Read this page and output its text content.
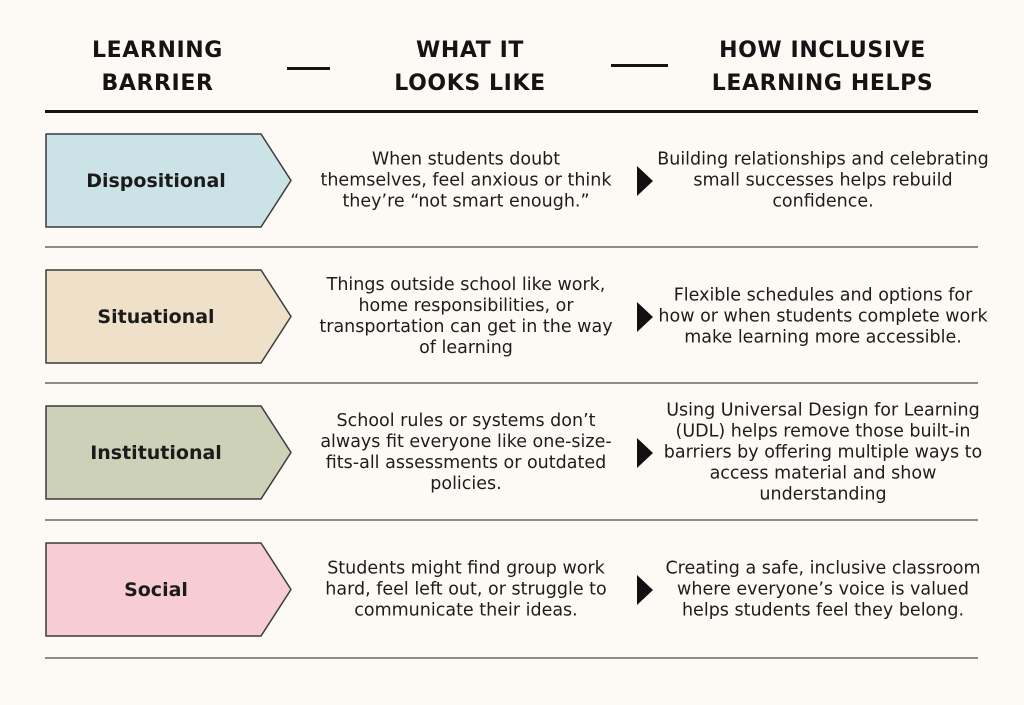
LEARNING
BARRIER
WHAT IT
LOOKS LIKE
HOW INCLUSIVE
LEARNING HELPS
Dispositional
When students doubt themselves, feel anxious or think they’re “not smart enough.”
Building relationships and celebrating small successes helps rebuild confidence.
Situational
Things outside school like work, home responsibilities, or transportation can get in the way of learning
Flexible schedules and options for how or when students complete work make learning more accessible.
Institutional
School rules or systems don’t always fit everyone like one-size-fits-all assessments or outdated policies.
Using Universal Design for Learning (UDL) helps remove those built-in barriers by offering multiple ways to access material and show understanding
Social
Students might find group work hard, feel left out, or struggle to communicate their ideas.
Creating a safe, inclusive classroom where everyone’s voice is valued helps students feel they belong.
